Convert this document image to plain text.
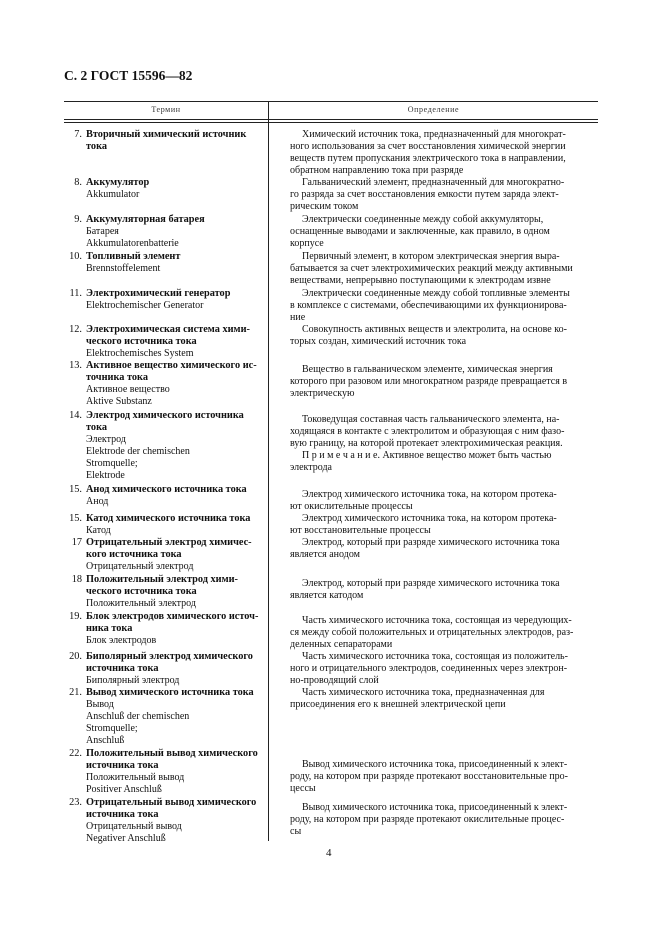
С. 2 ГОСТ 15596—82
Термин	Определение
7. Вторичный химический источник тока
Химический источник тока, предназначенный для многократ-
ного использования за счет восстановления химической энергии
веществ путем пропускания электрического тока в направлении,
обратном направлению тока при разряде
8. Аккумулятор
Akkumulator
Гальванический элемент, предназначенный для многократно-
го разряда за счет восстановления емкости путем заряда элект-
рическим током
9. Аккумуляторная батарея
Батарея
Akkumulatorenbatterie
Электрически соединенные между собой аккумуляторы,
оснащенные выводами и заключенные, как правило, в одном
корпусе
10. Топливный элемент
Brennstoffelement
Первичный элемент, в котором электрическая энергия выра-
батывается за счет электрохимических реакций между активными
веществами, непрерывно поступающими к электродам извне
11. Электрохимический генератор
Elektrochemischer Generator
Электрически соединенные между собой топливные элементы
в комплексе с системами, обеспечивающими их функционирова-
ние
12. Электрохимическая система хими-
ческого источника тока
Elektrochemisches System
Совокупность активных веществ и электролита, на основе ко-
торых создан, химический источник тока
13. Активное вещество химического ис-
точника тока
Активное вещество
Aktive Substanz
Вещество в гальваническом элементе, химическая энергия
которого при разовом или многократном разряде превращается в
электрическую
14. Электрод химического источника
тока
Электрод
Elektrode der chemischen
Stromquelle;
Elektrode
Токоведущая составная часть гальванического элемента, на-
ходящаяся в контакте с электролитом и образующая с ним фазо-
вую границу, на которой протекает электрохимическая реакция.
П р и м е ч а н и е. Активное вещество может быть частью
электрода
15. Анод химического источника тока
Анод
Электрод химического источника тока, на котором протека-
ют окислительные процессы
15. Катод химического источника тока
Катод
Электрод химического источника тока, на котором протека-
ют восстановительные процессы
17 Отрицательный электрод химичес-
кого источника тока
Отрицательный электрод
Электрод, который при разряде химического источника тока
является анодом
18 Положительный электрод хими-
ческого источника тока
Положительный электрод
Электрод, который при разряде химического источника тока
является катодом
19. Блок электродов химического источ-
ника тока
Блок электродов
Часть химического источника тока, состоящая из чередующих-
ся между собой положительных и отрицательных электродов, раз-
деленных сепараторами
20. Биполярный электрод химического
источника тока
Биполярный электрод
Часть химического источника тока, состоящая из положитель-
ного и отрицательного электродов, соединенных через электрон-
но-проводящий слой
21. Вывод химического источника тока
Вывод
Anschluß der chemischen
Stromquelle;
Anschluß
Часть химического источника тока, предназначенная для
присоединения его к внешней электрической цепи
22. Положительный вывод химического
источника тока
Положительный вывод
Positiver Anschluß
Вывод химического источника тока, присоединенный к элект-
роду, на котором при разряде протекают восстановительные про-
цессы
23. Отрицательный вывод химического
источника тока
Отрицательный вывод
Negativer Anschluß
Вывод химического источника тока, присоединенный к элект-
роду, на котором при разряде протекают окислительные процес-
сы
4
